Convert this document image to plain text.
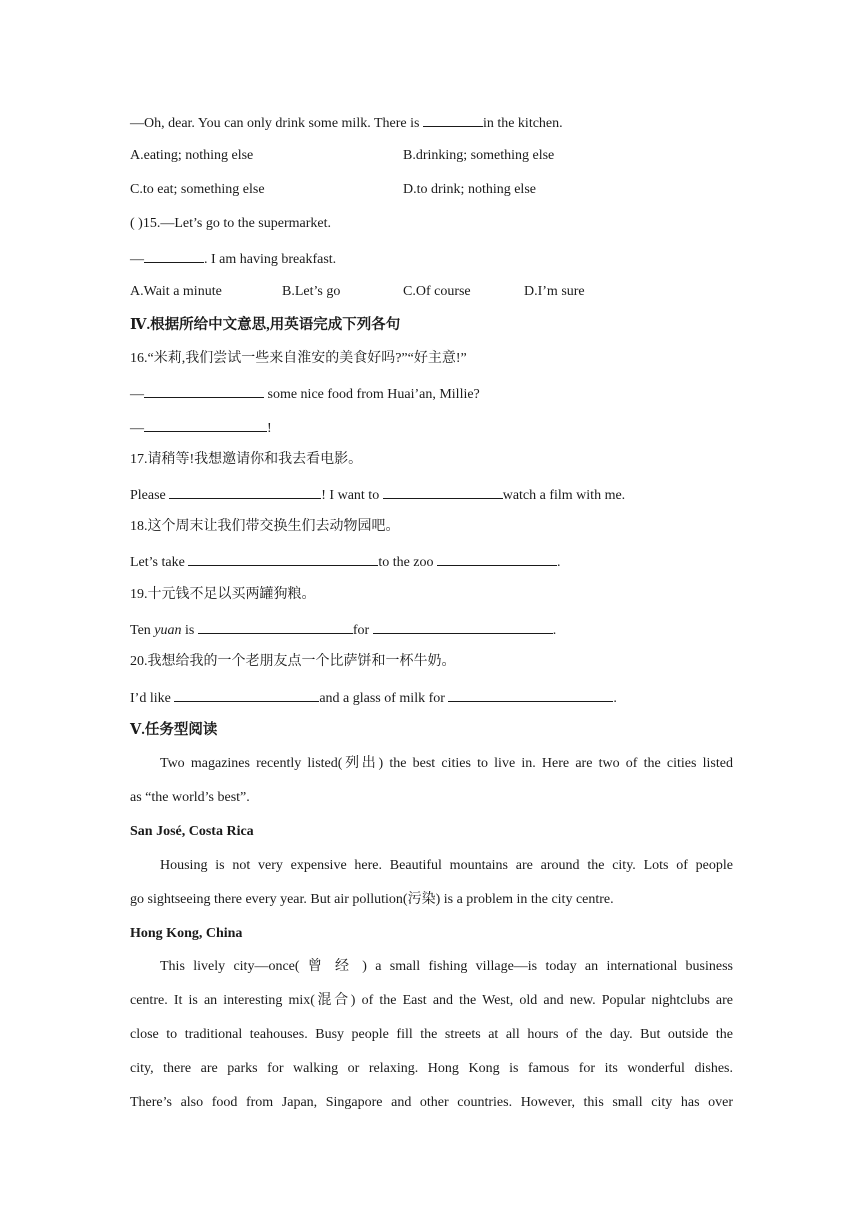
—Oh, dear. You can only drink some milk. There is	in the kitchen.
A.eating; nothing else	B.drinking; something else
C.to eat; something else	D.to drink; nothing else
( )15.—Let’s go to the supermarket.
—	. I am having breakfast.
A.Wait a minute	B.Let’s go	C.Of course	D.I’m sure
Ⅳ.根据所给中文意思,用英语完成下列各句
16.“米莉,我们尝试一些来自淮安的美食好吗?”“好主意!”
—	some nice food from Huai’an, Millie?
—	!
17.请稍等!我想邀请你和我去看电影。
Please	! I want to	watch a film with me.
18.这个周末让我们带交换生们去动物园吧。
Let’s take	to the zoo	.
19.十元钱不足以买两罐狗粮。
Ten yuan is	for	.
20.我想给我的一个老朋友点一个比萨饼和一杯牛奶。
I’d like	and a glass of milk for	.
Ⅴ.任务型阅读
Two magazines recently listed(列出) the best cities to live in. Here are two of the cities listed
as “the world’s best”.
San José, Costa Rica
Housing is not very expensive here. Beautiful mountains are around the city. Lots of people
go sightseeing there every year. But air pollution(污染) is a problem in the city centre.
Hong Kong, China
This lively city—once( 曾 经 ) a small fishing village—is today an international business
centre. It is an interesting mix(混合) of the East and the West, old and new. Popular nightclubs are
close to traditional teahouses. Busy people fill the streets at all hours of the day. But outside the
city, there are parks for walking or relaxing. Hong Kong is famous for its wonderful dishes.
There’s also food from Japan, Singapore and other countries. However, this small city has over
